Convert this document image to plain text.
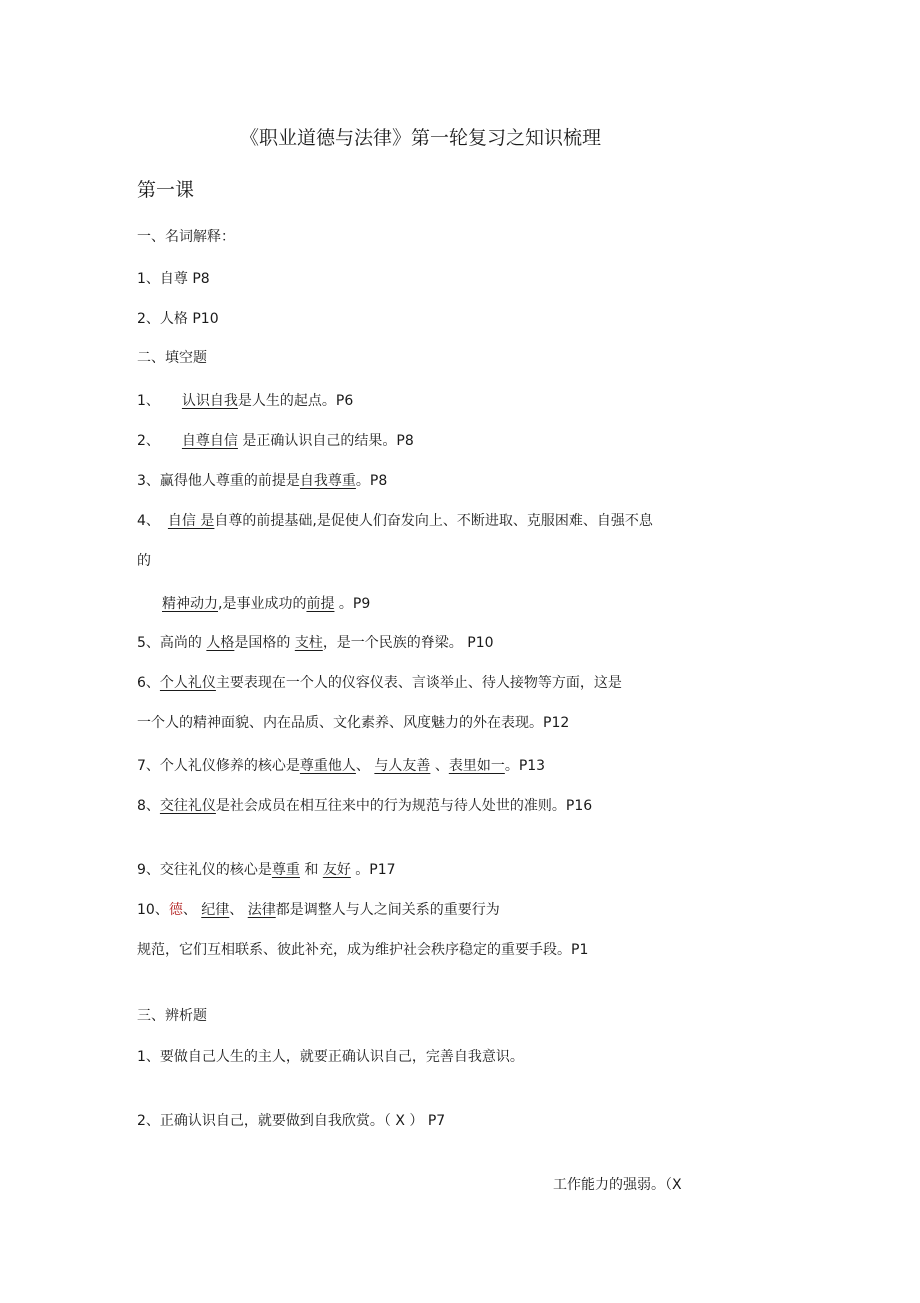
《职业道德与法律》第一轮复习之知识梳理
第一课
一、名词解释：
1、自尊 P8
2、人格 P10
二、填空题
1、 认识自我是人生的起点。P6
2、 自尊自信 是正确认识自己的结果。P8
3、赢得他人尊重的前提是自我尊重。P8
4、 自信 是自尊的前提基础,是促使人们奋发向上、不断进取、克服困难、自强不息
的
精神动力,是事业成功的前提 。P9
5、高尚的 人格是国格的 支柱，是一个民族的脊梁。 P10
6、个人礼仪主要表现在一个人的仪容仪表、言谈举止、待人接物等方面，这是
一个人的精神面貌、内在品质、文化素养、风度魅力的外在表现。P12
7、个人礼仪修养的核心是尊重他人、 与人友善 、表里如一。P13
8、交往礼仪是社会成员在相互往来中的行为规范与待人处世的准则。P16
9、交往礼仪的核心是尊重 和 友好 。P17
10、德、 纪律、 法律都是调整人与人之间关系的重要行为
规范，它们互相联系、彼此补充，成为维护社会秩序稳定的重要手段。P1
三、辨析题
1、要做自己人生的主人，就要正确认识自己，完善自我意识。
2、正确认识自己，就要做到自我欣赏。（ X ） P7
工作能力的强弱。（X
